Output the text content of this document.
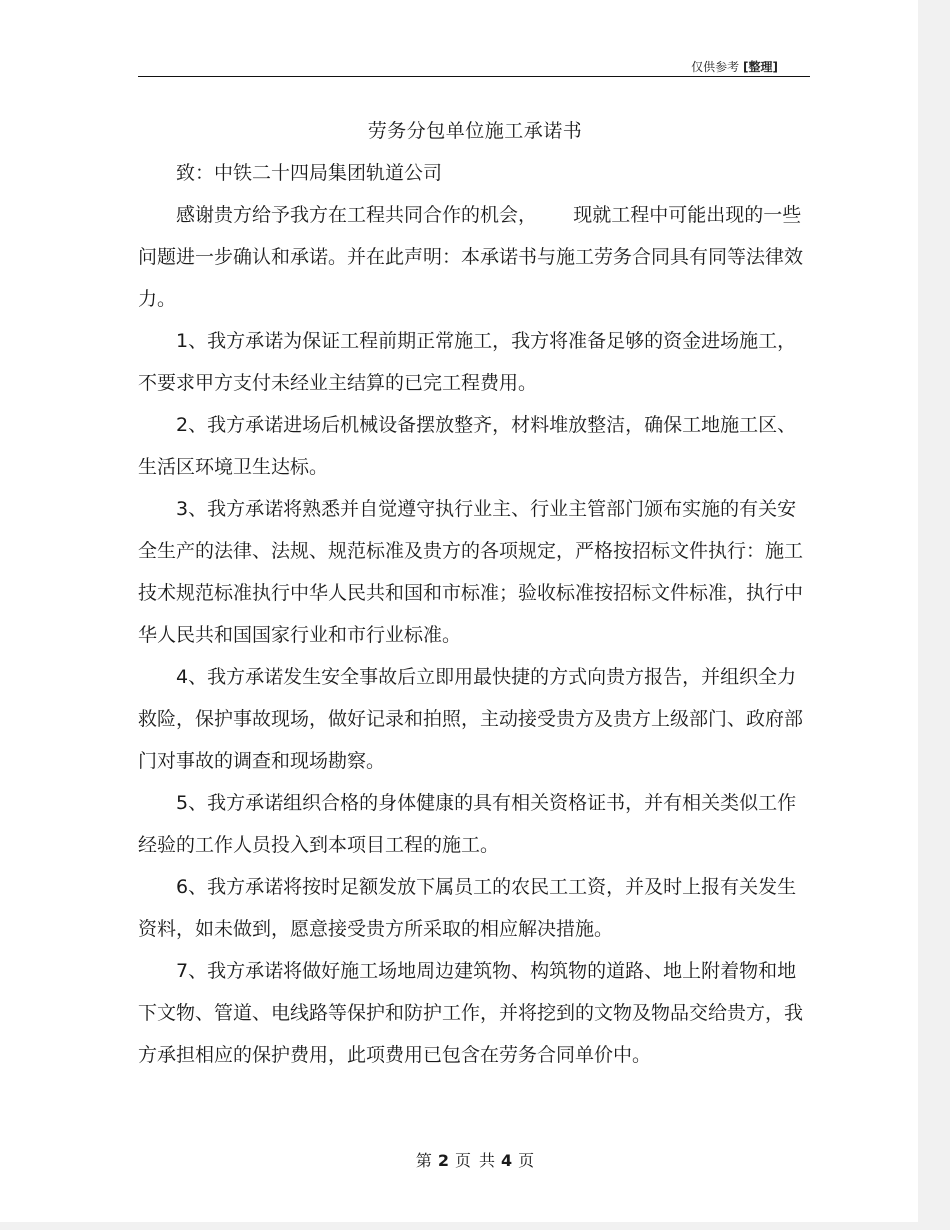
仅供参考 [整理]
劳务分包单位施工承诺书

致：中铁二十四局集团轨道公司

感谢贵方给予我方在工程共同合作的机会，      现就工程中可能出现的一些问题进一步确认和承诺。并在此声明：本承诺书与施工劳务合同具有同等法律效力。

1、我方承诺为保证工程前期正常施工，我方将准备足够的资金进场施工，不要求甲方支付未经业主结算的已完工程费用。

2、我方承诺进场后机械设备摆放整齐，材料堆放整洁，确保工地施工区、生活区环境卫生达标。

3、我方承诺将熟悉并自觉遵守执行业主、行业主管部门颁布实施的有关安全生产的法律、法规、规范标准及贵方的各项规定，严格按招标文件执行：施工技术规范标准执行中华人民共和国和市标准；验收标准按招标文件标准，执行中华人民共和国国家行业和市行业标准。

4、我方承诺发生安全事故后立即用最快捷的方式向贵方报告，并组织全力救险，保护事故现场，做好记录和拍照，主动接受贵方及贵方上级部门、政府部门对事故的调查和现场勘察。

5、我方承诺组织合格的身体健康的具有相关资格证书，并有相关类似工作经验的工作人员投入到本项目工程的施工。

6、我方承诺将按时足额发放下属员工的农民工工资，并及时上报有关发生资料，如未做到，愿意接受贵方所采取的相应解决措施。

7、我方承诺将做好施工场地周边建筑物、构筑物的道路、地上附着物和地下文物、管道、电线路等保护和防护工作，并将挖到的文物及物品交给贵方，我方承担相应的保护费用，此项费用已包含在劳务合同单价中。

第 2 页 共 4 页
